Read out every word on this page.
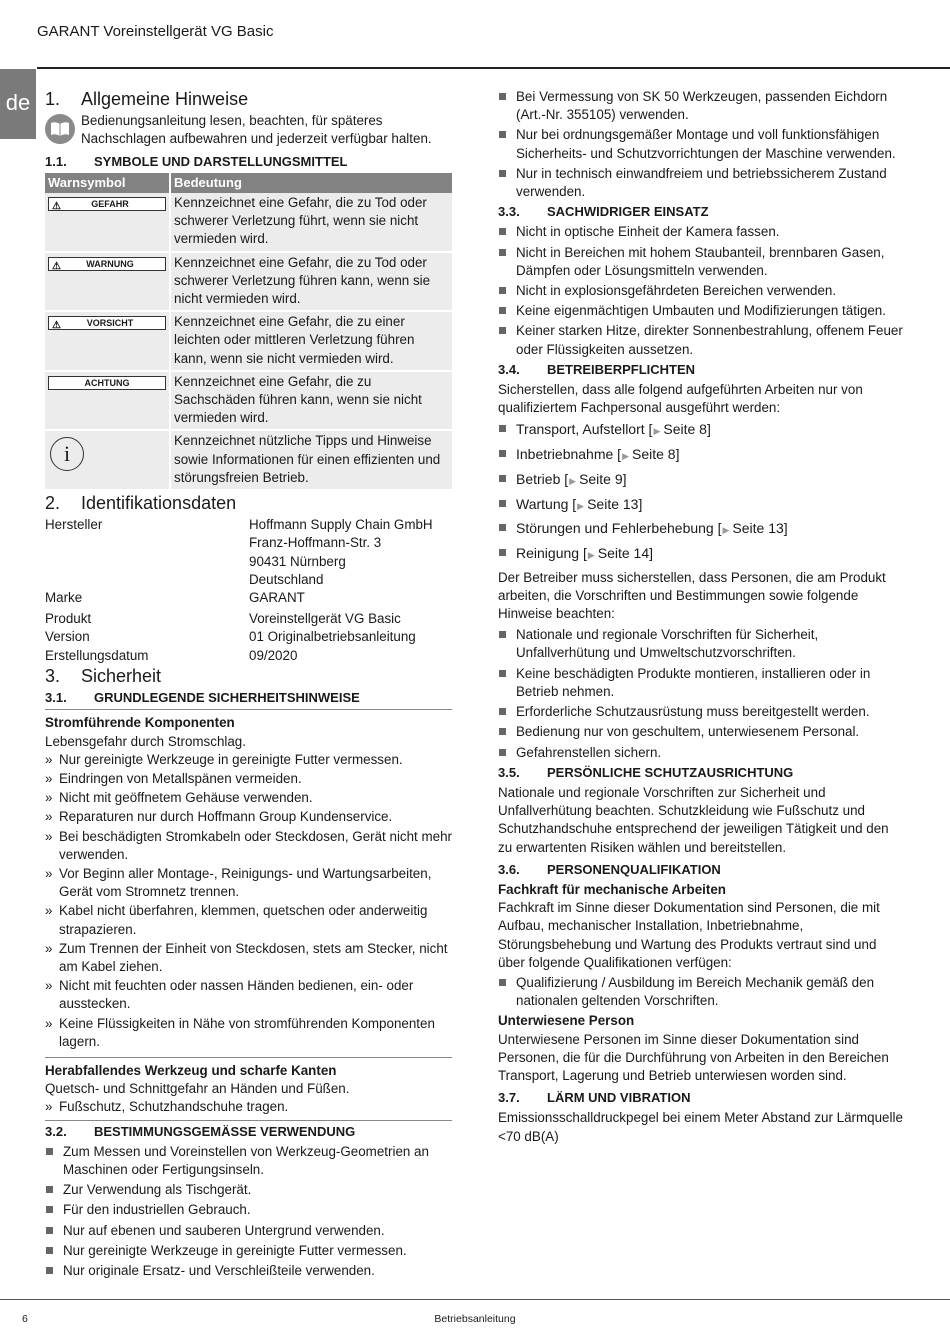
GARANT Voreinstellgerät VG Basic
de 1.	Allgemeine Hinweise

Bedienungsanleitung lesen, beachten, für späteres Nachschlagen aufbewahren und jederzeit verfügbar halten.

1.1.	SYMBOLE UND DARSTELLUNGSMITTEL
Warnsymbol	Bedeutung

⚠ GEFAHR	Kennzeichnet eine Gefahr, die zu Tod oder schwerer Verletzung führt, wenn sie nicht vermieden wird.

⚠ WARNUNG	Kennzeichnet eine Gefahr, die zu Tod oder schwerer Verletzung führen kann, wenn sie nicht vermieden wird.

⚠ VORSICHT	Kennzeichnet eine Gefahr, die zu einer leichten oder mittleren Verletzung führen kann, wenn sie nicht vermieden wird.

ACHTUNG	Kennzeichnet eine Gefahr, die zu Sachschäden führen kann, wenn sie nicht vermieden wird.

i	Kennzeichnet nützliche Tipps und Hinweise sowie Informationen für einen effizienten und störungsfreien Betrieb.
2.	Identifikationsdaten
Hersteller	Hoffmann Supply Chain GmbH
Franz-Hoffmann-Str. 3
90431 Nürnberg
Deutschland
Marke	GARANT
Produkt	Voreinstellgerät VG Basic
Version	01 Originalbetriebsanleitung
Erstellungsdatum	09/2020
3.	Sicherheit
3.1.	GRUNDLEGENDE SICHERHEITSHINWEISE
Stromführende Komponenten

Lebensgefahr durch Stromschlag.

» Nur gereinigte Werkzeuge in gereinigte Futter vermessen.
» Eindringen von Metallspänen vermeiden.
» Nicht mit geöffnetem Gehäuse verwenden.
» Reparaturen nur durch Hoffmann Group Kundenservice.
» Bei beschädigten Stromkabeln oder Steckdosen, Gerät nicht mehr verwenden.
» Vor Beginn aller Montage-, Reinigungs- und Wartungsarbeiten, Gerät vom Stromnetz trennen.
» Kabel nicht überfahren, klemmen, quetschen oder anderweitig strapazieren.
» Zum Trennen der Einheit von Steckdosen, stets am Stecker, nicht am Kabel ziehen.
» Nicht mit feuchten oder nassen Händen bedienen, ein- oder ausstecken.
» Keine Flüssigkeiten in Nähe von stromführenden Komponenten lagern.
Herabfallendes Werkzeug und scharfe Kanten

Quetsch- und Schnittgefahr an Händen und Füßen.

» Fußschutz, Schutzhandschuhe tragen.
3.2.	BESTIMMUNGSGEMÄSSE VERWENDUNG
Zum Messen und Voreinstellen von Werkzeug-Geometrien an Maschinen oder Fertigungsinseln.
Zur Verwendung als Tischgerät.
Für den industriellen Gebrauch.
Nur auf ebenen und sauberen Untergrund verwenden.
Nur gereinigte Werkzeuge in gereinigte Futter vermessen.
Nur originale Ersatz- und Verschleißteile verwenden.
Bei Vermessung von SK 50 Werkzeugen, passenden Eichdorn (Art.-Nr. 355105) verwenden.
Nur bei ordnungsgemäßer Montage und voll funktionsfähigen Sicherheits- und Schutzvorrichtungen der Maschine verwenden.
Nur in technisch einwandfreiem und betriebssicherem Zustand verwenden.
3.3.	SACHWIDRIGER EINSATZ
Nicht in optische Einheit der Kamera fassen.
Nicht in Bereichen mit hohem Staubanteil, brennbaren Gasen, Dämpfen oder Lösungsmitteln verwenden.
Nicht in explosionsgefährdeten Bereichen verwenden.
Keine eigenmächtigen Umbauten und Modifizierungen tätigen.
Keiner starken Hitze, direkter Sonnenbestrahlung, offenem Feuer oder Flüssigkeiten aussetzen.
3.4.	BETREIBERPFLICHTEN

Sicherstellen, dass alle folgend aufgeführten Arbeiten nur von qualifiziertem Fachpersonal ausgeführt werden:

Transport, Aufstellort [▶ Seite 8]
Inbetriebnahme [▶ Seite 8]
Betrieb [▶ Seite 9]
Wartung [▶ Seite 13]
Störungen und Fehlerbehebung [▶ Seite 13]
Reinigung [▶ Seite 14]

Der Betreiber muss sicherstellen, dass Personen, die am Produkt arbeiten, die Vorschriften und Bestimmungen sowie folgende Hinweise beachten:

Nationale und regionale Vorschriften für Sicherheit, Unfallverhütung und Umweltschutzvorschriften.
Keine beschädigten Produkte montieren, installieren oder in Betrieb nehmen.
Erforderliche Schutzausrüstung muss bereitgestellt werden.
Bedienung nur von geschultem, unterwiesenem Personal.
Gefahrenstellen sichern.
3.5.	PERSÖNLICHE SCHUTZAUSRICHTUNG

Nationale und regionale Vorschriften zur Sicherheit und Unfallverhütung beachten. Schutzkleidung wie Fußschutz und Schutzhandschuhe entsprechend der jeweiligen Tätigkeit und den zu erwartenten Risiken wählen und bereitstellen.

3.6.	PERSONENQUALIFIKATION
Fachkraft für mechanische Arbeiten

Fachkraft im Sinne dieser Dokumentation sind Personen, die mit Aufbau, mechanischer Installation, Inbetriebnahme, Störungsbehebung und Wartung des Produkts vertraut sind und über folgende Qualifikationen verfügen:

Qualifizierung / Ausbildung im Bereich Mechanik gemäß den nationalen geltenden Vorschriften.
Unterwiesene Person

Unterwiesene Personen im Sinne dieser Dokumentation sind Personen, die für die Durchführung von Arbeiten in den Bereichen Transport, Lagerung und Betrieb unterwiesen worden sind.

3.7.	LÄRM UND VIBRATION

Emissionsschalldruckpegel bei einem Meter Abstand zur Lärmquelle <70 dB(A)

6	Betriebsanleitung
